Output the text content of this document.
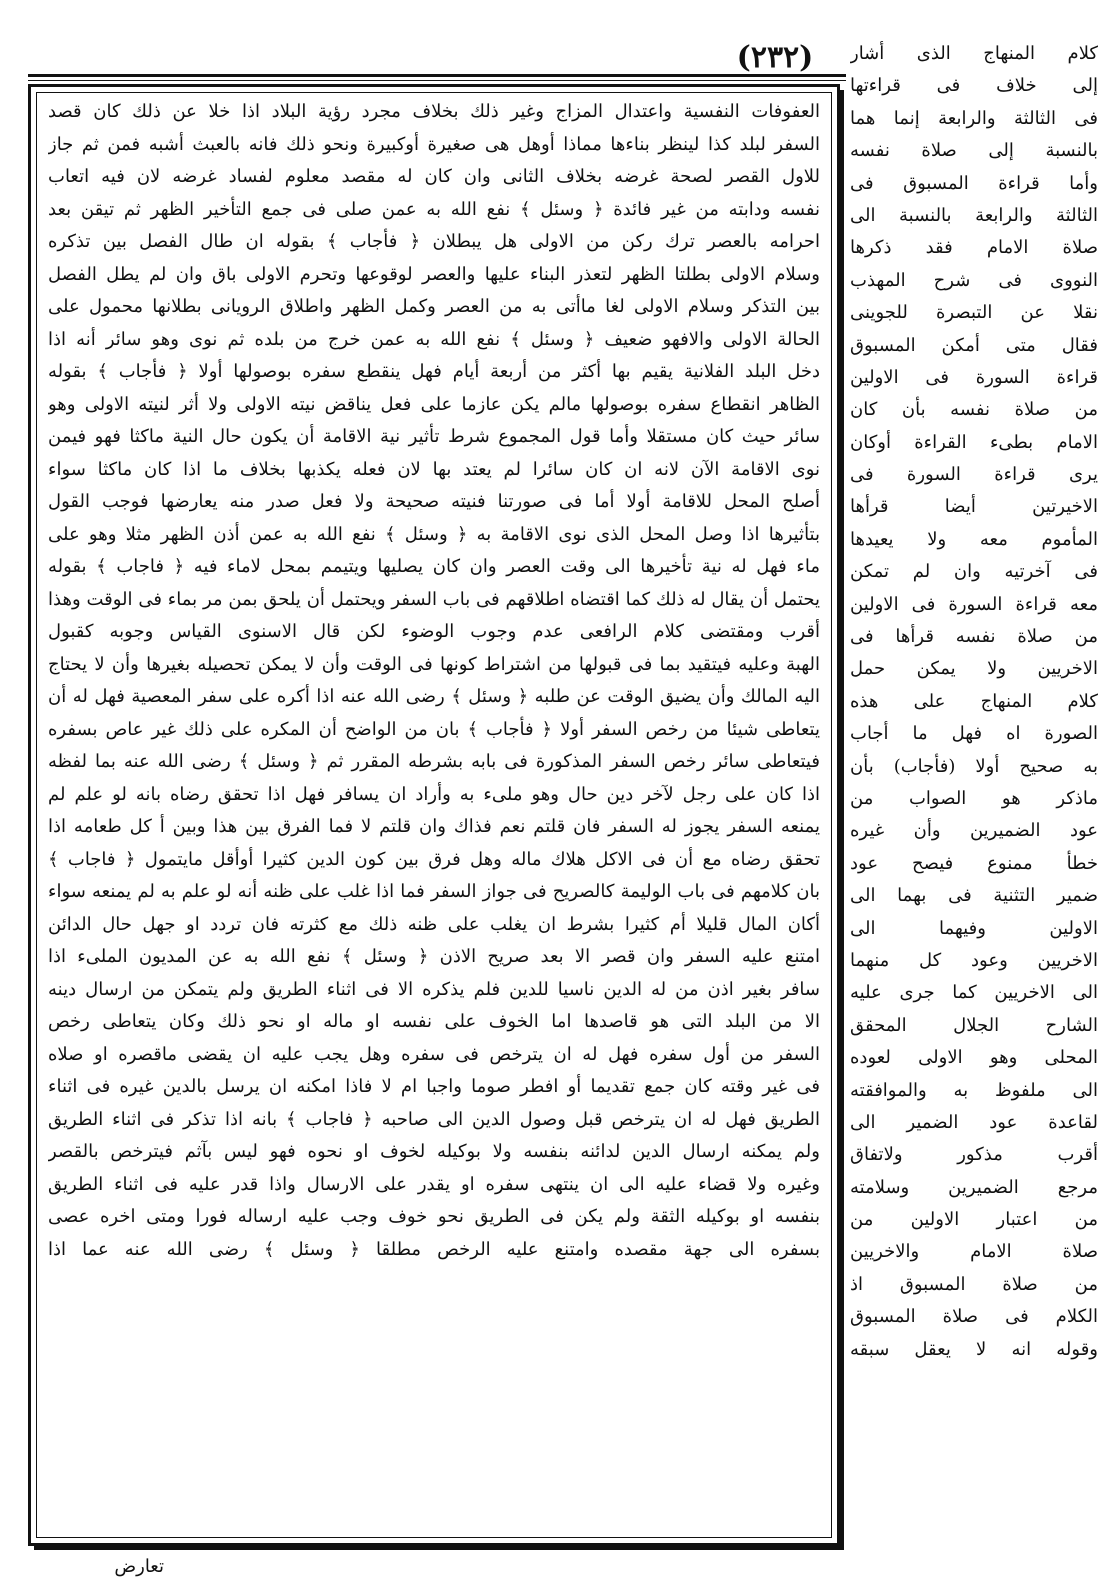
(٢٣٢)
العفوفات النفسية واعتدال المزاج وغير ذلك بخلاف مجرد رؤية البلاد اذا خلا عن ذلك كان قصد
السفر لبلد كذا لينظر بناءها مماذا أوهل هى صغيرة أوكبيرة ونحو ذلك فانه بالعبث أشبه فمن ثم جاز
للاول القصر لصحة غرضه بخلاف الثانى وان كان له مقصد معلوم لفساد غرضه لان فيه اتعاب
نفسه ودابته من غير فائدة ﴿ وسئل ﴾ نفع الله به عمن صلى فى جمع التأخير الظهر ثم تيقن بعد
احرامه بالعصر ترك ركن من الاولى هل يبطلان ﴿ فأجاب ﴾ بقوله ان طال الفصل بين تذكره
وسلام الاولى بطلتا الظهر لتعذر البناء عليها والعصر لوقوعها وتحرم الاولى باق وان لم يطل الفصل
بين التذكر وسلام الاولى لغا ماأتى به من العصر وكمل الظهر واطلاق الرويانى بطلانها محمول على
الحالة الاولى والافهو ضعيف ﴿ وسئل ﴾ نفع الله به عمن خرج من بلده ثم نوى وهو سائر أنه اذا
دخل البلد الفلانية يقيم بها أكثر من أربعة أيام فهل ينقطع سفره بوصولها أولا ﴿ فأجاب ﴾ بقوله
الظاهر انقطاع سفره بوصولها مالم يكن عازما على فعل يناقض نيته الاولى ولا أثر لنيته الاولى وهو
سائر حيث كان مستقلا وأما قول المجموع شرط تأثير نية الاقامة أن يكون حال النية ماكثا فهو فيمن
نوى الاقامة الآن لانه ان كان سائرا لم يعتد بها لان فعله يكذبها بخلاف ما اذا كان ماكثا سواء
أصلح المحل للاقامة أولا أما فى صورتنا فنيته صحيحة ولا فعل صدر منه يعارضها فوجب القول
بتأثيرها اذا وصل المحل الذى نوى الاقامة به ﴿ وسئل ﴾ نفع الله به عمن أذن الظهر مثلا وهو على
ماء فهل له نية تأخيرها الى وقت العصر وان كان يصليها ويتيمم بمحل لاماء فيه ﴿ فاجاب ﴾ بقوله
يحتمل أن يقال له ذلك كما اقتضاه اطلاقهم فى باب السفر ويحتمل أن يلحق بمن مر بماء فى الوقت وهذا
أقرب ومقتضى كلام الرافعى عدم وجوب الوضوء لكن قال الاسنوى القياس وجوبه كقبول
الهبة وعليه فيتقيد بما فى قبولها من اشتراط كونها فى الوقت وأن لا يمكن تحصيله بغيرها وأن لا يحتاج
اليه المالك وأن يضيق الوقت عن طلبه ﴿ وسئل ﴾ رضى الله عنه اذا أكره على سفر المعصية فهل له أن
يتعاطى شيئا من رخص السفر أولا ﴿ فأجاب ﴾ بان من الواضح أن المكره على ذلك غير عاص بسفره
فيتعاطى سائر رخص السفر المذكورة فى بابه بشرطه المقرر ثم ﴿ وسئل ﴾ رضى الله عنه بما لفظه
اذا كان على رجل لآخر دين حال وهو ملىء به وأراد ان يسافر فهل اذا تحقق رضاه بانه لو علم لم
يمنعه السفر يجوز له السفر فان قلتم نعم فذاك وان قلتم لا فما الفرق بين هذا وبين أ كل طعامه اذا
تحقق رضاه مع أن فى الاكل هلاك ماله وهل فرق بين كون الدين كثيرا أوأقل مايتمول ﴿ فاجاب ﴾
بان كلامهم فى باب الوليمة كالصريح فى جواز السفر فما اذا غلب على ظنه أنه لو علم به لم يمنعه سواء
أكان المال قليلا أم كثيرا بشرط ان يغلب على ظنه ذلك مع كثرته فان تردد او جهل حال الدائن
امتنع عليه السفر وان قصر الا بعد صريح الاذن ﴿ وسئل ﴾ نفع الله به عن المديون الملىء اذا
سافر بغير اذن من له الدين ناسيا للدين فلم يذكره الا فى اثناء الطريق ولم يتمكن من ارسال دينه
الا من البلد التى هو قاصدها اما الخوف على نفسه او ماله او نحو ذلك وكان يتعاطى رخص
السفر من أول سفره فهل له ان يترخص فى سفره وهل يجب عليه ان يقضى ماقصره او صلاه
فى غير وقته كان جمع تقديما أو افطر صوما واجبا ام لا فاذا امكنه ان يرسل بالدين غيره فى اثناء
الطريق فهل له ان يترخص قبل وصول الدين الى صاحبه ﴿ فاجاب ﴾ بانه اذا تذكر فى اثناء الطريق
ولم يمكنه ارسال الدين لدائنه بنفسه ولا بوكيله لخوف او نحوه فهو ليس بآثم فيترخص بالقصر
وغيره ولا قضاء عليه الى ان ينتهى سفره او يقدر على الارسال واذا قدر عليه فى اثناء الطريق
بنفسه او بوكيله الثقة ولم يكن فى الطريق نحو خوف وجب عليه ارساله فورا ومتى اخره عصى
بسفره الى جهة مقصده وامتنع عليه الرخص مطلقا ﴿ وسئل ﴾ رضى الله عنه عما اذا
كلام المنهاج الذى أشار
إلى خلاف فى قراءتها
فى الثالثة والرابعة إنما هما
بالنسبة إلى صلاة نفسه
وأما قراءة المسبوق فى
الثالثة والرابعة بالنسبة الى
صلاة الامام فقد ذكرها
النووى فى شرح المهذب
نقلا عن التبصرة للجوينى
فقال متى أمكن المسبوق
قراءة السورة فى الاولين
من صلاة نفسه بأن كان
الامام بطىء القراءة أوكان
يرى قراءة السورة فى
الاخيرتين أيضا قرأها
المأموم معه ولا يعيدها
فى آخرتيه وان لم تمكن
معه قراءة السورة فى الاولين
من صلاة نفسه قرأها فى
الاخريين ولا يمكن حمل
كلام المنهاج على هذه
الصورة اه فهل ما أجاب
به صحيح أولا (فأجاب) بأن
ماذكر هو الصواب من
عود الضميرين وأن غيره
خطأ ممنوع فيصح عود
ضمير التثنية فى بهما الى
الاولين وفيهما الى
الاخريين وعود كل منهما
الى الاخريين كما جرى عليه
الشارح الجلال المحقق
المحلى وهو الاولى لعوده
الى ملفوظ به والموافقته
لقاعدة عود الضمير الى
أقرب مذكور ولاتفاق
مرجع الضميرين وسلامته
من اعتبار الاولين من
صلاة الامام والاخريين
من صلاة المسبوق اذ
الكلام فى صلاة المسبوق
وقوله انه لا يعقل سبقه
تعارض
